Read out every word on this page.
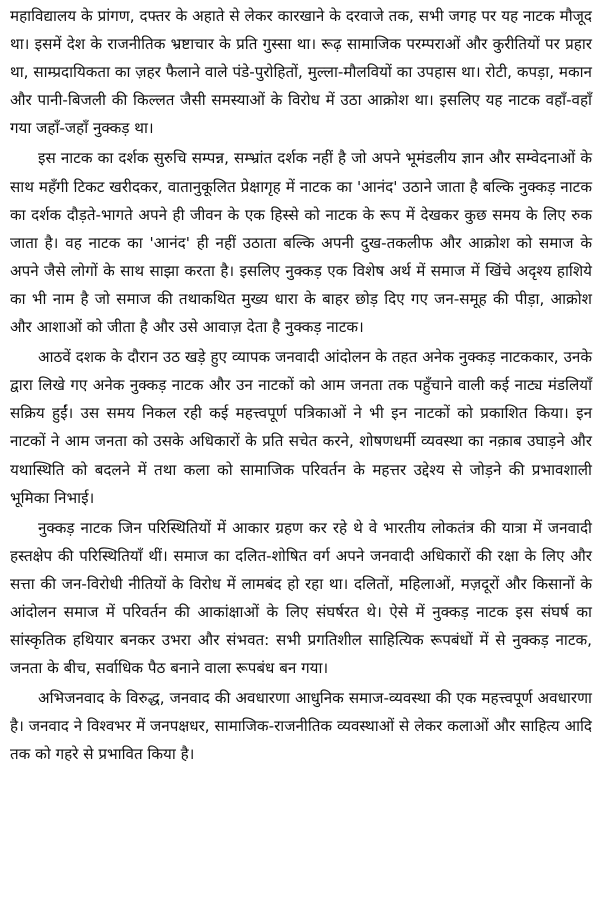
महाविद्यालय के प्रांगण, दफ्तर के अहाते से लेकर कारखाने के दरवाजे तक, सभी जगह पर यह नाटक मौजूद था। इसमें देश के राजनीतिक भ्रष्टाचार के प्रति गुस्सा था। रूढ़ सामाजिक परम्पराओं और कुरीतियों पर प्रहार था, साम्प्रदायिकता का ज़हर फैलाने वाले पंडे-पुरोहितों, मुल्ला-मौलवियों का उपहास था। रोटी, कपड़ा, मकान और पानी-बिजली की किल्लत जैसी समस्याओं के विरोध में उठा आक्रोश था। इसलिए यह नाटक वहाँ-वहाँ गया जहाँ-जहाँ नुक्कड़ था।

इस नाटक का दर्शक सुरुचि सम्पन्न, सम्भ्रांत दर्शक नहीं है जो अपने भूमंडलीय ज्ञान और सम्वेदनाओं के साथ महँगी टिकट खरीदकर, वातानुकूलित प्रेक्षागृह में नाटक का 'आनंद' उठाने जाता है बल्कि नुक्कड़ नाटक का दर्शक दौड़ते-भागते अपने ही जीवन के एक हिस्से को नाटक के रूप में देखकर कुछ समय के लिए रुक जाता है। वह नाटक का 'आनंद' ही नहीं उठाता बल्कि अपनी दुख-तकलीफ और आक्रोश को समाज के अपने जैसे लोगों के साथ साझा करता है। इसलिए नुक्कड़ एक विशेष अर्थ में समाज में खिंचे अदृश्य हाशिये का भी नाम है जो समाज की तथाकथित मुख्य धारा के बाहर छोड़ दिए गए जन-समूह की पीड़ा, आक्रोश और आशाओं को जीता है और उसे आवाज़ देता है नुक्कड़ नाटक।

आठवें दशक के दौरान उठ खड़े हुए व्यापक जनवादी आंदोलन के तहत अनेक नुक्कड़ नाटककार, उनके द्वारा लिखे गए अनेक नुक्कड़ नाटक और उन नाटकों को आम जनता तक पहुँचाने वाली कई नाट्य मंडलियाँ सक्रिय हुईं। उस समय निकल रही कई महत्त्वपूर्ण पत्रिकाओं ने भी इन नाटकों को प्रकाशित किया। इन नाटकों ने आम जनता को उसके अधिकारों के प्रति सचेत करने, शोषणधर्मी व्यवस्था का नक़ाब उघाड़ने और यथास्थिति को बदलने में तथा कला को सामाजिक परिवर्तन के महत्तर उद्देश्य से जोड़ने की प्रभावशाली भूमिका निभाई।

नुक्कड़ नाटक जिन परिस्थितियों में आकार ग्रहण कर रहे थे वे भारतीय लोकतंत्र की यात्रा में जनवादी हस्तक्षेप की परिस्थितियाँ थीं। समाज का दलित-शोषित वर्ग अपने जनवादी अधिकारों की रक्षा के लिए और सत्ता की जन-विरोधी नीतियों के विरोध में लामबंद हो रहा था। दलितों, महिलाओं, मज़दूरों और किसानों के आंदोलन समाज में परिवर्तन की आकांक्षाओं के लिए संघर्षरत थे। ऐसे में नुक्कड़ नाटक इस संघर्ष का सांस्कृतिक हथियार बनकर उभरा और संभवत: सभी प्रगतिशील साहित्यिक रूपबंधों में से नुक्कड़ नाटक, जनता के बीच, सर्वाधिक पैठ बनाने वाला रूपबंध बन गया।

अभिजनवाद के विरुद्ध, जनवाद की अवधारणा आधुनिक समाज-व्यवस्था की एक महत्त्वपूर्ण अवधारणा है। जनवाद ने विश्वभर में जनपक्षधर, सामाजिक-राजनीतिक व्यवस्थाओं से लेकर कलाओं और साहित्य आदि तक को गहरे से प्रभावित किया है।
